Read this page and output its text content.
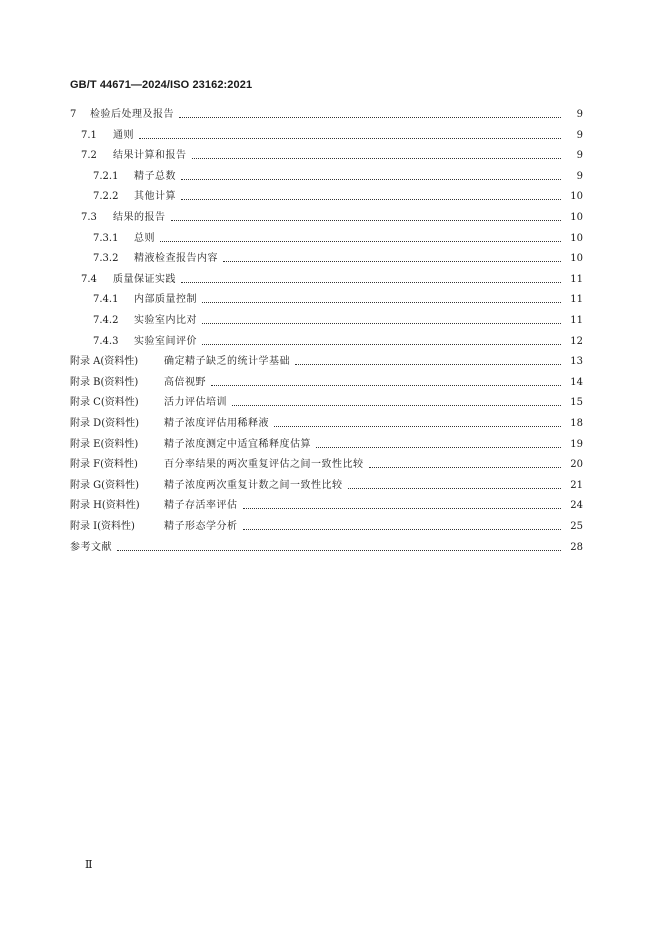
GB/T 44671—2024/ISO 23162:2021
7	检验后处理及报告	9
7.1	通则	9
7.2	结果计算和报告	9
7.2.1	精子总数	9
7.2.2	其他计算	10
7.3	结果的报告	10
7.3.1	总则	10
7.3.2	精液检查报告内容	10
7.4	质量保证实践	11
7.4.1	内部质量控制	11
7.4.2	实验室内比对	11
7.4.3	实验室间评价	12
附录 A(资料性)	确定精子缺乏的统计学基础	13
附录 B(资料性)	高倍视野	14
附录 C(资料性)	活力评估培训	15
附录 D(资料性)	精子浓度评估用稀释液	18
附录 E(资料性)	精子浓度测定中适宜稀释度估算	19
附录 F(资料性)	百分率结果的两次重复评估之间一致性比较	20
附录 G(资料性)	精子浓度两次重复计数之间一致性比较	21
附录 H(资料性)	精子存活率评估	24
附录 I(资料性)	精子形态学分析	25
参考文献	28
Ⅱ
